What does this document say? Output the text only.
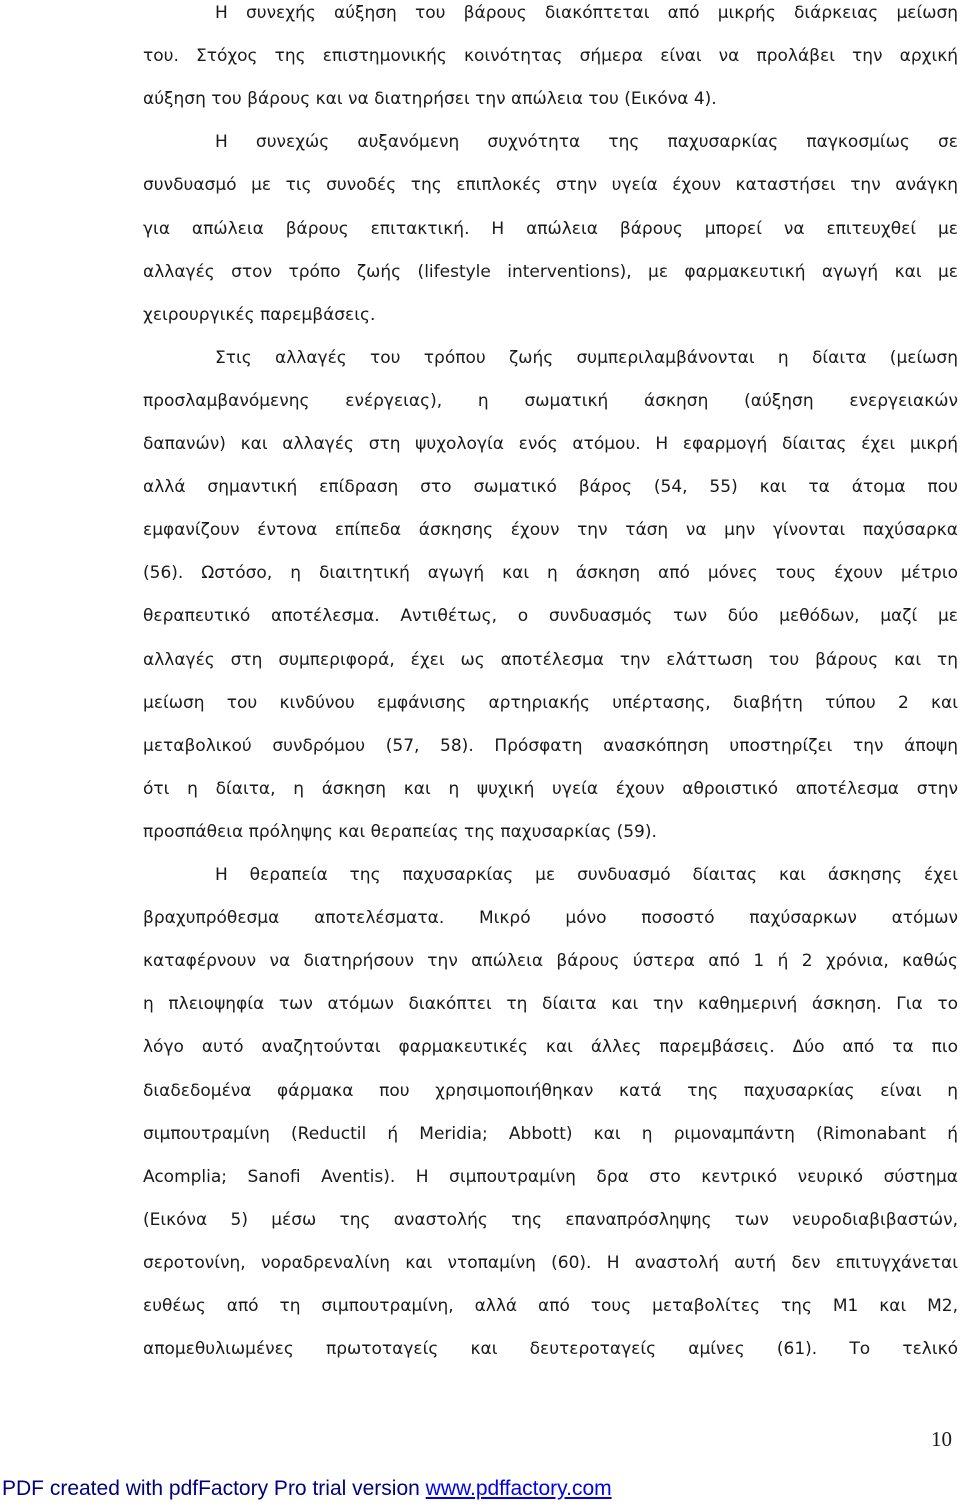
Η συνεχής αύξηση του βάρους διακόπτεται από μικρής διάρκειας μείωση
του. Στόχος της επιστημονικής κοινότητας σήμερα είναι να προλάβει την αρχική
αύξηση του βάρους και να διατηρήσει την απώλεια του (Εικόνα 4).
Η συνεχώς αυξανόμενη συχνότητα της παχυσαρκίας παγκοσμίως σε
συνδυασμό με τις συνοδές της επιπλοκές στην υγεία έχουν καταστήσει την ανάγκη
για απώλεια βάρους επιτακτική. Η απώλεια βάρους μπορεί να επιτευχθεί με
αλλαγές στον τρόπο ζωής (lifestyle interventions), με φαρμακευτική αγωγή και με
χειρουργικές παρεμβάσεις.
Στις αλλαγές του τρόπου ζωής συμπεριλαμβάνονται η δίαιτα (μείωση
προσλαμβανόμενης ενέργειας), η σωματική άσκηση (αύξηση ενεργειακών
δαπανών) και αλλαγές στη ψυχολογία ενός ατόμου. Η εφαρμογή δίαιτας έχει μικρή
αλλά σημαντική επίδραση στο σωματικό βάρος (54, 55) και τα άτομα που
εμφανίζουν έντονα επίπεδα άσκησης έχουν την τάση να μην γίνονται παχύσαρκα
(56). Ωστόσο, η διαιτητική αγωγή και η άσκηση από μόνες τους έχουν μέτριο
θεραπευτικό αποτέλεσμα. Αντιθέτως, ο συνδυασμός των δύο μεθόδων, μαζί με
αλλαγές στη συμπεριφορά, έχει ως αποτέλεσμα την ελάττωση του βάρους και τη
μείωση του κινδύνου εμφάνισης αρτηριακής υπέρτασης, διαβήτη τύπου 2 και
μεταβολικού συνδρόμου (57, 58). Πρόσφατη ανασκόπηση υποστηρίζει την άποψη
ότι η δίαιτα, η άσκηση και η ψυχική υγεία έχουν αθροιστικό αποτέλεσμα στην
προσπάθεια πρόληψης και θεραπείας της παχυσαρκίας (59).
Η θεραπεία της παχυσαρκίας με συνδυασμό δίαιτας και άσκησης έχει
βραχυπρόθεσμα αποτελέσματα. Μικρό μόνο ποσοστό παχύσαρκων ατόμων
καταφέρνουν να διατηρήσουν την απώλεια βάρους ύστερα από 1 ή 2 χρόνια, καθώς
η πλειοψηφία των ατόμων διακόπτει τη δίαιτα και την καθημερινή άσκηση. Για το
λόγο αυτό αναζητούνται φαρμακευτικές και άλλες παρεμβάσεις. Δύο από τα πιο
διαδεδομένα φάρμακα που χρησιμοποιήθηκαν κατά της παχυσαρκίας είναι η
σιμπουτραμίνη (Reductil ή Meridia; Abbott) και η ριμοναμπάντη (Rimonabant ή
Acomplia; Sanofi Aventis). Η σιμπουτραμίνη δρα στο κεντρικό νευρικό σύστημα
(Εικόνα 5) μέσω της αναστολής της επαναπρόσληψης των νευροδιαβιβαστών,
σεροτονίνη, νοραδρεναλίνη και ντοπαμίνη (60). Η αναστολή αυτή δεν επιτυγχάνεται
ευθέως από τη σιμπουτραμίνη, αλλά από τους μεταβολίτες της Μ1 και Μ2,
απομεθυλιωμένες πρωτοταγείς και δευτεροταγείς αμίνες (61). Το τελικό
10
PDF created with pdfFactory Pro trial version www.pdffactory.com
